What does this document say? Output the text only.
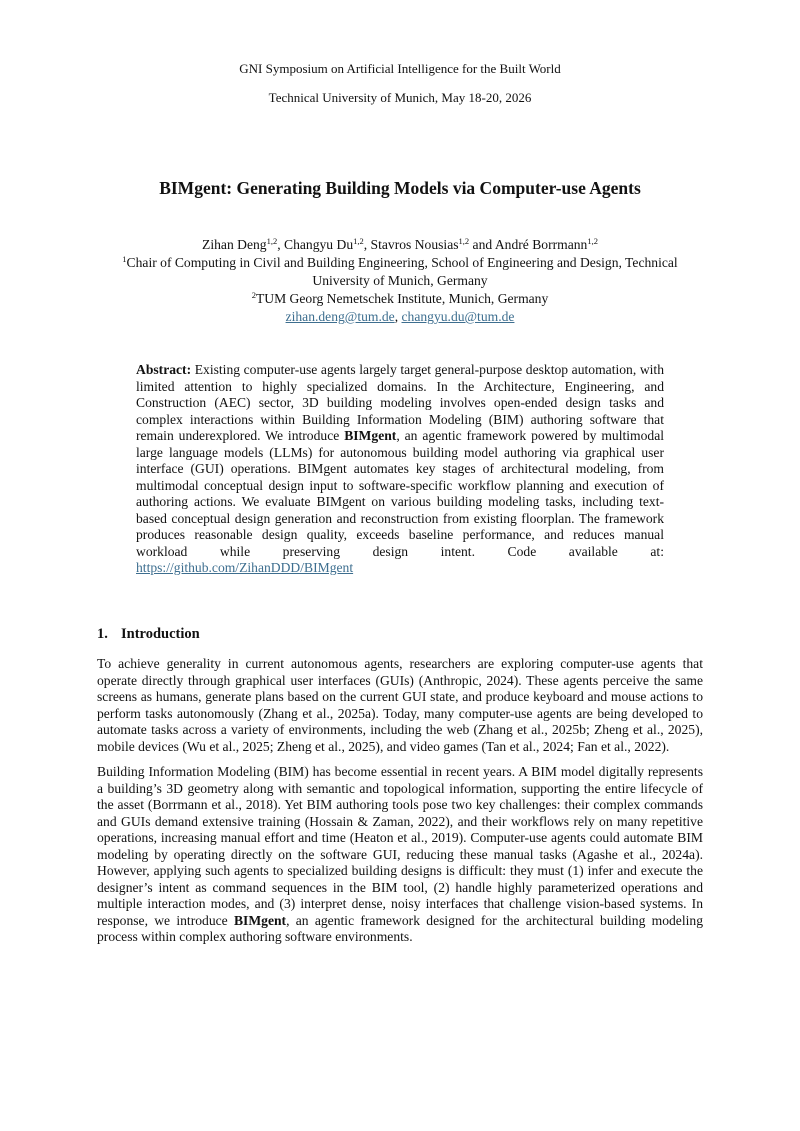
GNI Symposium on Artificial Intelligence for the Built World
Technical University of Munich, May 18-20, 2026
BIMgent: Generating Building Models via Computer-use Agents
Zihan Deng$^{1,2}$, Changyu Du$^{1,2}$, Stavros Nousias$^{1,2}$ and André Borrmann$^{1,2}$
$^1$Chair of Computing in Civil and Building Engineering, School of Engineering and Design, Technical University of Munich, Germany
$^2$TUM Georg Nemetschek Institute, Munich, Germany
zihan.deng@tum.de, changyu.du@tum.de
Abstract: Existing computer-use agents largely target general-purpose desktop automation, with limited attention to highly specialized domains. In the Architecture, Engineering, and Construction (AEC) sector, 3D building modeling involves open-ended design tasks and complex interactions within Building Information Modeling (BIM) authoring software that remain underexplored. We introduce BIMgent, an agentic framework powered by multimodal large language models (LLMs) for autonomous building model authoring via graphical user interface (GUI) operations. BIMgent automates key stages of architectural modeling, from multimodal conceptual design input to software-specific workflow planning and execution of authoring actions. We evaluate BIMgent on various building modeling tasks, including text-based conceptual design generation and reconstruction from existing floorplan. The framework produces reasonable design quality, exceeds baseline performance, and reduces manual workload while preserving design intent. Code available at: https://github.com/ZihanDDD/BIMgent
1. Introduction

To achieve generality in current autonomous agents, researchers are exploring computer-use agents that operate directly through graphical user interfaces (GUIs) (Anthropic, 2024). These agents perceive the same screens as humans, generate plans based on the current GUI state, and produce keyboard and mouse actions to perform tasks autonomously (Zhang et al., 2025a). Today, many computer-use agents are being developed to automate tasks across a variety of environments, including the web (Zhang et al., 2025b; Zheng et al., 2025), mobile devices (Wu et al., 2025; Zheng et al., 2025), and video games (Tan et al., 2024; Fan et al., 2022).

Building Information Modeling (BIM) has become essential in recent years. A BIM model digitally represents a building’s 3D geometry along with semantic and topological information, supporting the entire lifecycle of the asset (Borrmann et al., 2018). Yet BIM authoring tools pose two key challenges: their complex commands and GUIs demand extensive training (Hossain & Zaman, 2022), and their workflows rely on many repetitive operations, increasing manual effort and time (Heaton et al., 2019). Computer-use agents could automate BIM modeling by operating directly on the software GUI, reducing these manual tasks (Agashe et al., 2024a). However, applying such agents to specialized building designs is difficult: they must (1) infer and execute the designer’s intent as command sequences in the BIM tool, (2) handle highly parameterized operations and multiple interaction modes, and (3) interpret dense, noisy interfaces that challenge vision-based systems. In response, we introduce BIMgent, an agentic framework designed for the architectural building modeling process within complex authoring software environments.
